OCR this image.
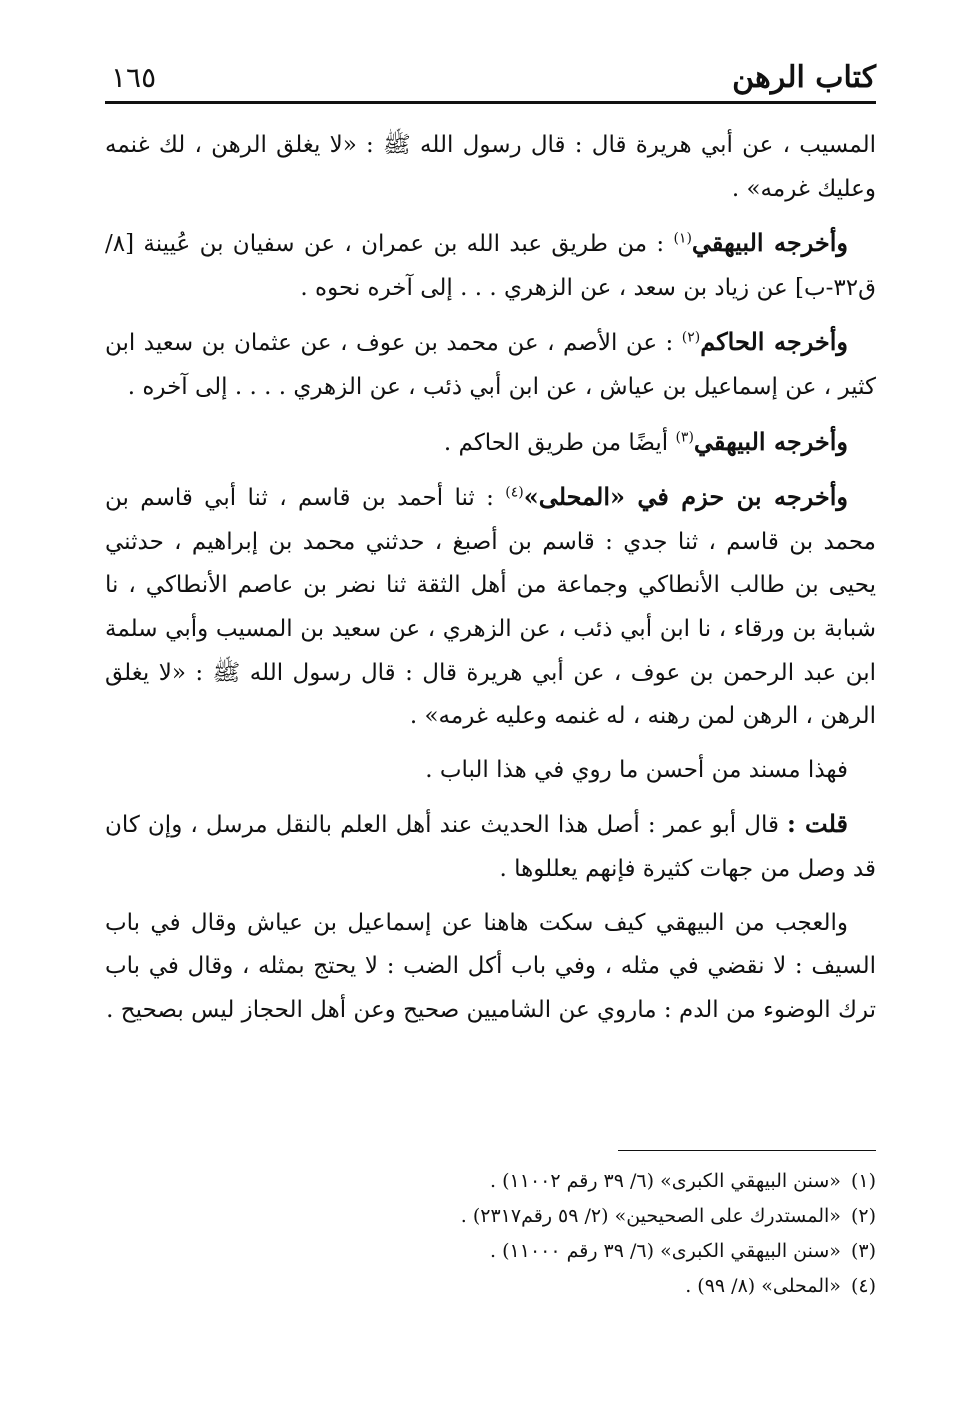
كتاب الرهن
١٦٥

المسيب ، عن أبي هريرة قال : قال رسول الله ﷺ : «لا يغلق الرهن ، لك غنمه وعليك غرمه» .

وأخرجه البيهقي$^{(١)}$ : من طريق عبد الله بن عمران ، عن سفيان بن عُيينة [٨/ ق٣٢-ب] عن زياد بن سعد ، عن الزهري . . . إلى آخره نحوه .

وأخرجه الحاكم$^{(٢)}$ : عن الأصم ، عن محمد بن عوف ، عن عثمان بن سعيد ابن كثير ، عن إسماعيل بن عياش ، عن ابن أبي ذئب ، عن الزهري . . . . إلى آخره .

وأخرجه البيهقي$^{(٣)}$ أيضًا من طريق الحاكم .

وأخرجه بن حزم في «المحلى»$^{(٤)}$ : ثنا أحمد بن قاسم ، ثنا أبي قاسم بن محمد بن قاسم ، ثنا جدي : قاسم بن أصبغ ، حدثني محمد بن إبراهيم ، حدثني يحيى بن طالب الأنطاكي وجماعة من أهل الثقة ثنا نضر بن عاصم الأنطاكي ، نا شبابة بن ورقاء ، نا ابن أبي ذئب ، عن الزهري ، عن سعيد بن المسيب وأبي سلمة ابن عبد الرحمن بن عوف ، عن أبي هريرة قال : قال رسول الله ﷺ : «لا يغلق الرهن ، الرهن لمن رهنه ، له غنمه وعليه غرمه» .

فهذا مسند من أحسن ما روي في هذا الباب .

قلت : قال أبو عمر : أصل هذا الحديث عند أهل العلم بالنقل مرسل ، وإن كان قد وصل من جهات كثيرة فإنهم يعللوها .

والعجب من البيهقي كيف سكت هاهنا عن إسماعيل بن عياش وقال في باب السيف : لا نقضي في مثله ، وفي باب أكل الضب : لا يحتج بمثله ، وقال في باب ترك الوضوء من الدم : ماروي عن الشاميين صحيح وعن أهل الحجاز ليس بصحيح .

(١)«سنن البيهقي الكبرى» (٦/ ٣٩ رقم ١١٠٠٢) .
(٢)«المستدرك على الصحيحين» (٢/ ٥٩ رقم٢٣١٧) .
(٣)«سنن البيهقي الكبرى» (٦/ ٣٩ رقم ١١٠٠٠) .
(٤)«المحلى» (٨/ ٩٩) .
